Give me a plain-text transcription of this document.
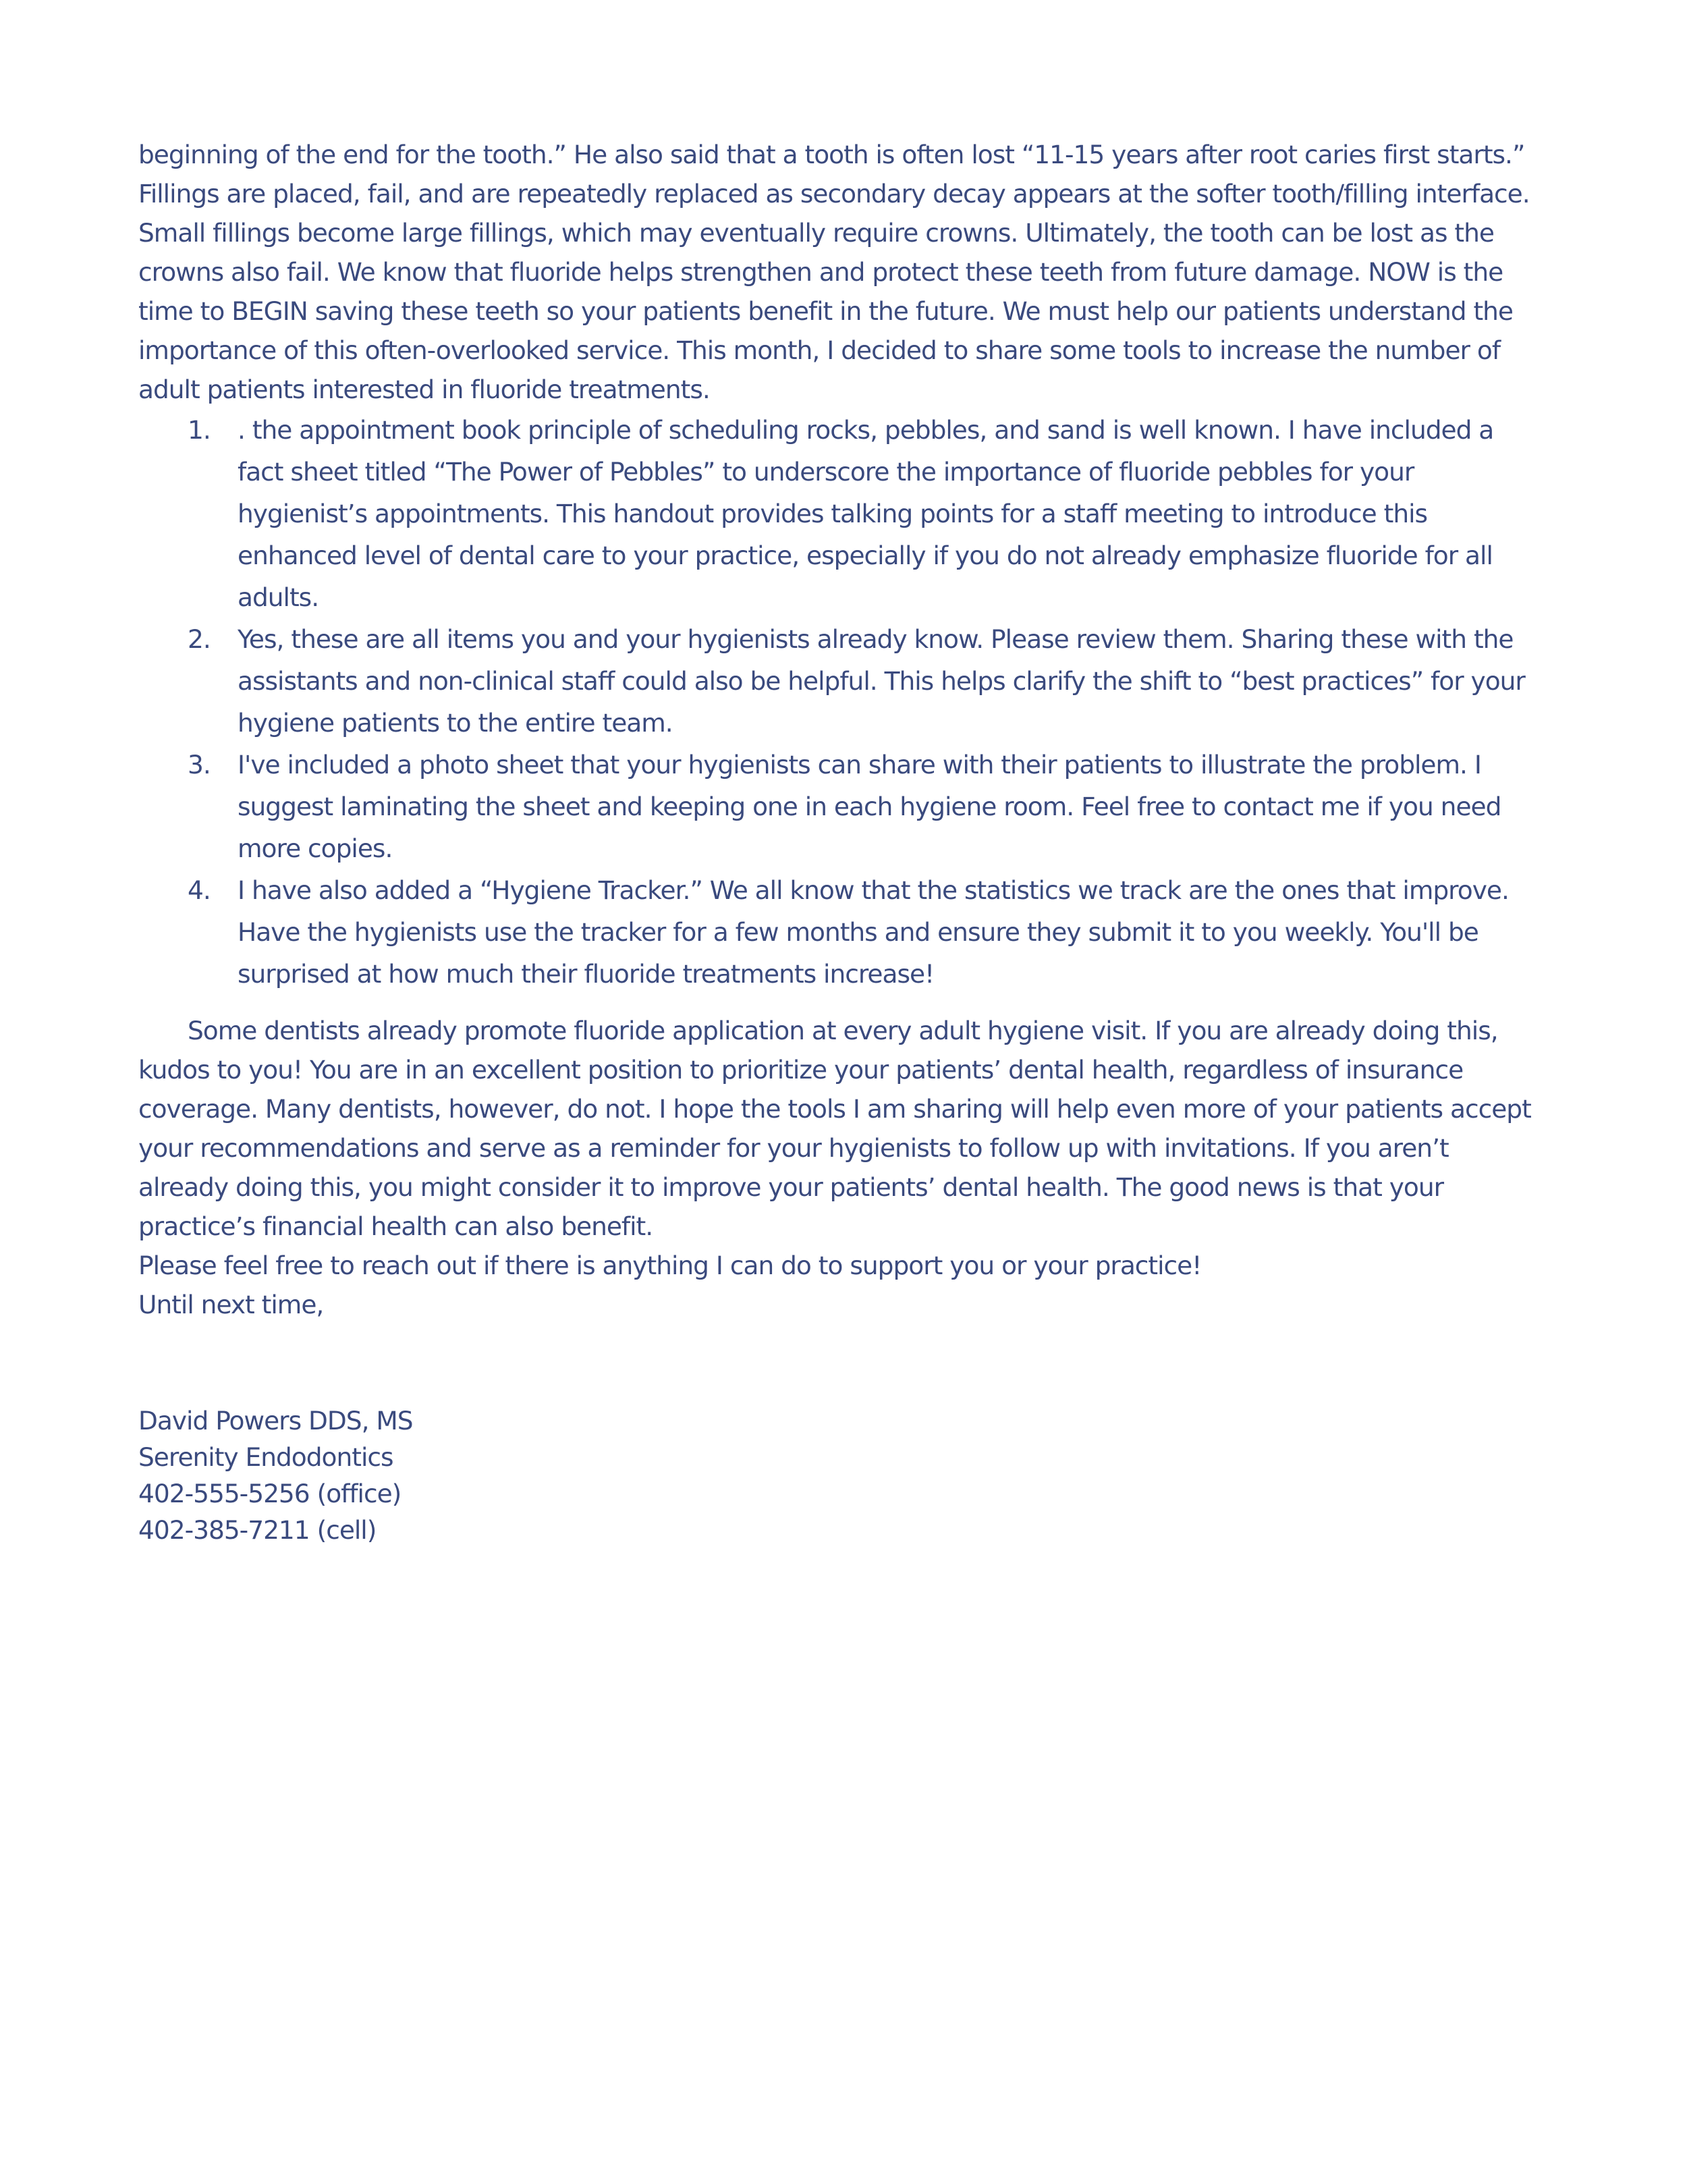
beginning of the end for the tooth.” He also said that a tooth is often lost “11-15 years after root caries first starts.” Fillings are placed, fail, and are repeatedly replaced as secondary decay appears at the softer tooth/filling interface. Small fillings become large fillings, which may eventually require crowns. Ultimately, the tooth can be lost as the crowns also fail. We know that fluoride helps strengthen and protect these teeth from future damage. NOW is the time to BEGIN saving these teeth so your patients benefit in the future. We must help our patients understand the importance of this often-overlooked service. This month, I decided to share some tools to increase the number of adult patients interested in fluoride treatments.

1. . the appointment book principle of scheduling rocks, pebbles, and sand is well known. I have included a fact sheet titled “The Power of Pebbles” to underscore the importance of fluoride pebbles for your hygienist’s appointments. This handout provides talking points for a staff meeting to introduce this enhanced level of dental care to your practice, especially if you do not already emphasize fluoride for all adults.
2. Yes, these are all items you and your hygienists already know. Please review them. Sharing these with the assistants and non-clinical staff could also be helpful. This helps clarify the shift to “best practices” for your hygiene patients to the entire team.
3. I've included a photo sheet that your hygienists can share with their patients to illustrate the problem. I suggest laminating the sheet and keeping one in each hygiene room. Feel free to contact me if you need more copies.
4. I have also added a “Hygiene Tracker.” We all know that the statistics we track are the ones that improve. Have the hygienists use the tracker for a few months and ensure they submit it to you weekly. You'll be surprised at how much their fluoride treatments increase!

Some dentists already promote fluoride application at every adult hygiene visit. If you are already doing this, kudos to you! You are in an excellent position to prioritize your patients’ dental health, regardless of insurance coverage. Many dentists, however, do not. I hope the tools I am sharing will help even more of your patients accept your recommendations and serve as a reminder for your hygienists to follow up with invitations. If you aren’t already doing this, you might consider it to improve your patients’ dental health. The good news is that your practice’s financial health can also benefit.

Please feel free to reach out if there is anything I can do to support you or your practice!

Until next time,

David Powers DDS, MS
Serenity Endodontics
402-555-5256 (office)
402-385-7211 (cell)
